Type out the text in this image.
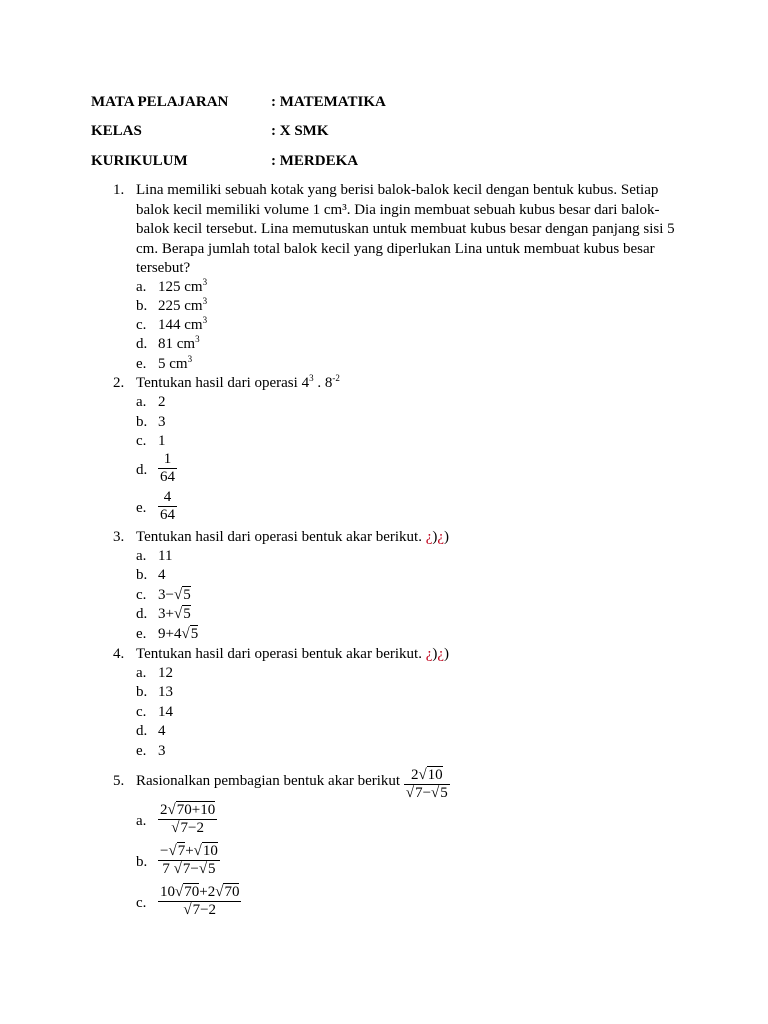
MATA PELAJARAN	: MATEMATIKA
KELAS	: X SMK
KURIKULUM	: MERDEKA
1. Lina memiliki sebuah kotak yang berisi balok-balok kecil dengan bentuk kubus. Setiap balok kecil memiliki volume 1 cm³. Dia ingin membuat sebuah kubus besar dari balok-balok kecil tersebut. Lina memutuskan untuk membuat kubus besar dengan panjang sisi 5 cm. Berapa jumlah total balok kecil yang diperlukan Lina untuk membuat kubus besar tersebut?
a. 125 $cm^3$
b. 225 $cm^3$
c. 144 $cm^3$
d. 81 $cm^3$
e. 5 $cm^3$
2. Tentukan hasil dari operasi $4^3$ . $8^{-2}$
a. 2
b. 3
c. 1
d. $\frac{1}{64}$
e. $\frac{4}{64}$
3. Tentukan hasil dari operasi bentuk akar berikut. ¿)¿)
a. 11
b. 4
c. 3−√5
d. 3+√5
e. 9+4√5
4. Tentukan hasil dari operasi bentuk akar berikut. ¿)¿)
a. 12
b. 13
c. 14
d. 4
e. 3
5. Rasionalkan pembagian bentuk akar berikut $\frac{2√10}{√7-√5}$
a. $\frac{2√70+10}{√7-2}$
b. $\frac{-√7+√10}{7 √7-√5}$
c. $\frac{10√70+2√70}{√7-2}$
